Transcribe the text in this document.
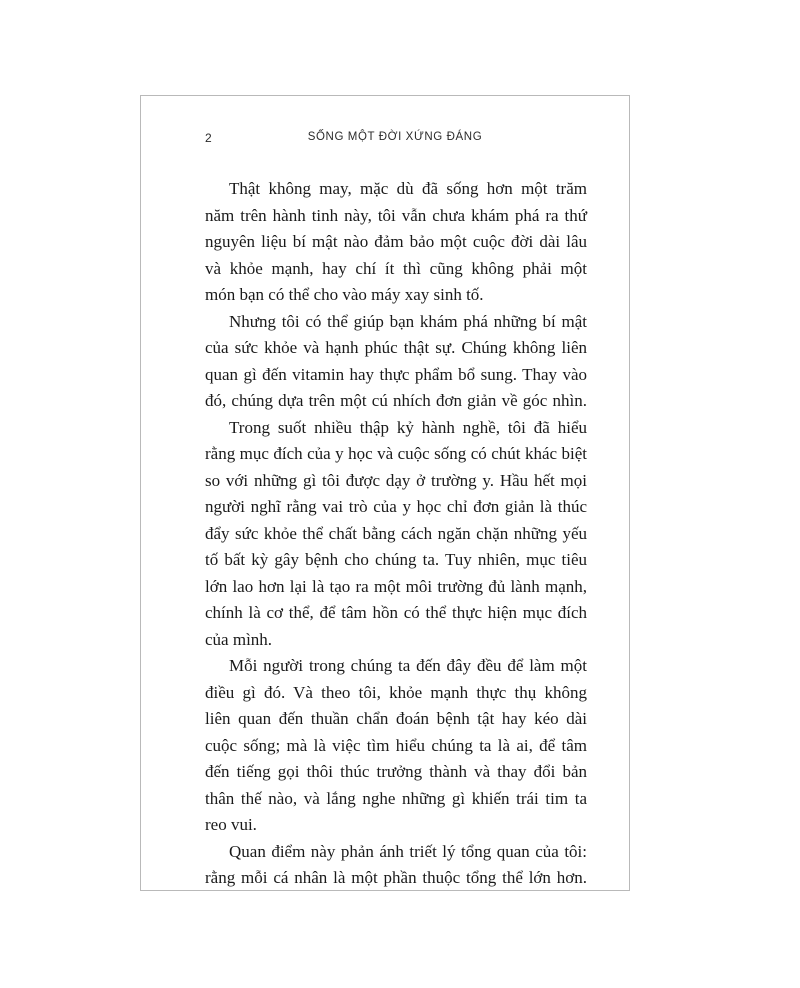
2	SỐNG MỘT ĐỜI XỨNG ĐÁNG
Thật không may, mặc dù đã sống hơn một trăm
năm trên hành tinh này, tôi vẫn chưa khám phá ra thứ
nguyên liệu bí mật nào đảm bảo một cuộc đời dài lâu
và khỏe mạnh, hay chí ít thì cũng không phải một
món bạn có thể cho vào máy xay sinh tố.
Nhưng tôi có thể giúp bạn khám phá những bí mật
của sức khỏe và hạnh phúc thật sự. Chúng không liên
quan gì đến vitamin hay thực phẩm bổ sung. Thay vào
đó, chúng dựa trên một cú nhích đơn giản về góc nhìn.
Trong suốt nhiều thập kỷ hành nghề, tôi đã hiểu
rằng mục đích của y học và cuộc sống có chút khác biệt
so với những gì tôi được dạy ở trường y. Hầu hết mọi
người nghĩ rằng vai trò của y học chỉ đơn giản là thúc
đẩy sức khỏe thể chất bằng cách ngăn chặn những yếu
tố bất kỳ gây bệnh cho chúng ta. Tuy nhiên, mục tiêu
lớn lao hơn lại là tạo ra một môi trường đủ lành mạnh,
chính là cơ thể, để tâm hồn có thể thực hiện mục đích
của mình.
Mỗi người trong chúng ta đến đây đều để làm một
điều gì đó. Và theo tôi, khỏe mạnh thực thụ không
liên quan đến thuần chẩn đoán bệnh tật hay kéo dài
cuộc sống; mà là việc tìm hiểu chúng ta là ai, để tâm
đến tiếng gọi thôi thúc trưởng thành và thay đổi bản
thân thế nào, và lắng nghe những gì khiến trái tim ta
reo vui.
Quan điểm này phản ánh triết lý tổng quan của tôi:
rằng mỗi cá nhân là một phần thuộc tổng thể lớn hơn.
